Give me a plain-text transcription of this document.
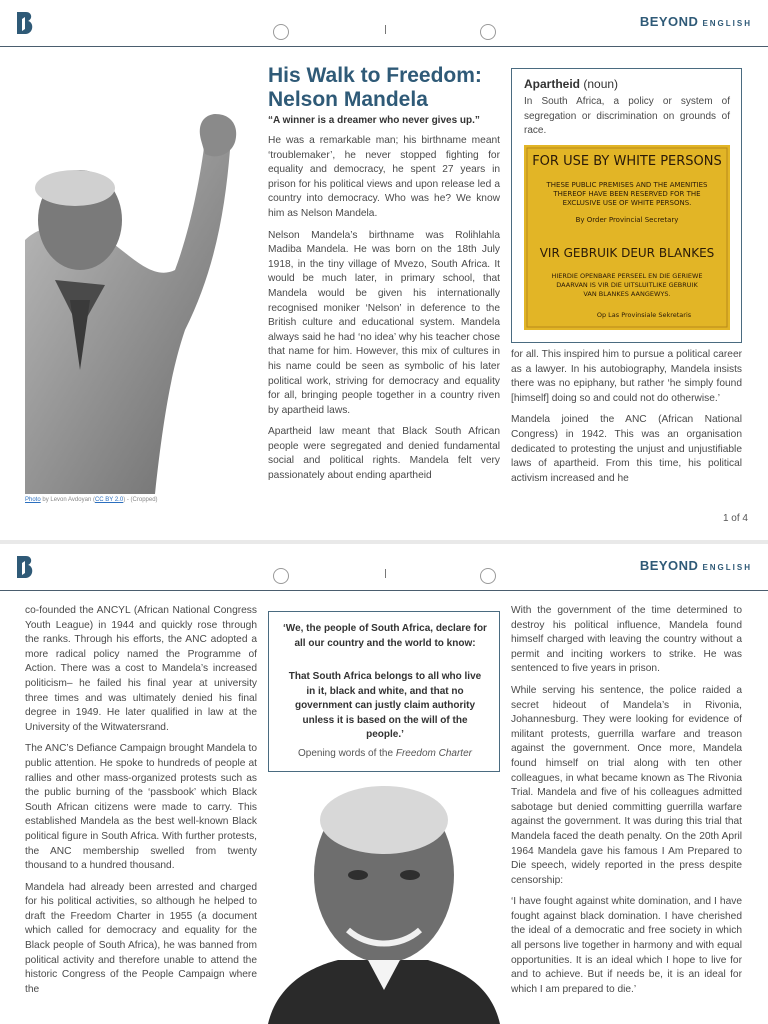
BEYOND ENGLISH
Photo by Levon Avdoyan (CC BY 2.0) - (Cropped)
His Walk to Freedom:
Nelson Mandela
“A winner is a dreamer who never gives up.”

He was a remarkable man; his birthname meant ‘troublemaker’, he never stopped fighting for equality and democracy, he spent 27 years in prison for his political views and upon release led a country into democracy. Who was he? We know him as Nelson Mandela.

Nelson Mandela’s birthname was Rolihlahla Madiba Mandela. He was born on the 18th July 1918, in the tiny village of Mvezo, South Africa. It would be much later, in primary school, that Mandela would be given his internationally recognised moniker ‘Nelson’ in deference to the British culture and educational system. Mandela always said he had ‘no idea’ why his teacher chose that name for him. However, this mix of cultures in his name could be seen as symbolic of his later political work, striving for democracy and equality for all, bringing people together in a country riven by apartheid laws.

Apartheid law meant that Black South African people were segregated and denied fundamental social and political rights. Mandela felt very passionately about ending apartheid

Apartheid (noun)
In South Africa, a policy or system of segregation or discrimination on grounds of race.
FOR USE BY WHITE PERSONS
THESE PUBLIC PREMISES AND THE AMENITIES
THEREOF HAVE BEEN RESERVED FOR THE
EXCLUSIVE USE OF WHITE PERSONS.
By Order Provincial Secretary
VIR GEBRUIK DEUR BLANKES
HIERDIE OPENBARE PERSEEL EN DIE GERIEWE
DAARVAN IS VIR DIE UITSLUITLIKE GEBRUIK
VAN BLANKES AANGEWYS.
Op Las Provinsiale Sekretaris

for all. This inspired him to pursue a political career as a lawyer. In his autobiography, Mandela insists there was no epiphany, but rather ‘he simply found [himself] doing so and could not do otherwise.’

Mandela joined the ANC (African National Congress) in 1942. This was an organisation dedicated to protesting the unjust and unjustifiable laws of apartheid. From this time, his political activism increased and he

1 of 4
BEYOND ENGLISH

co-founded the ANCYL (African National Congress Youth League) in 1944 and quickly rose through the ranks. Through his efforts, the ANC adopted a more radical policy named the Programme of Action. There was a cost to Mandela’s increased politicism– he failed his final year at university three times and was ultimately denied his final degree in 1949. He later qualified in law at the University of the Witwatersrand.

The ANC’s Defiance Campaign brought Mandela to public attention. He spoke to hundreds of people at rallies and other mass-organized protests such as the public burning of the ‘passbook’ which Black South African citizens were made to carry. This established Mandela as the best well-known Black political figure in South Africa. With further protests, the ANC membership swelled from twenty thousand to a hundred thousand.

Mandela had already been arrested and charged for his political activities, so although he helped to draft the Freedom Charter in 1955 (a document which called for democracy and equality for the Black people of South Africa), he was banned from political activity and therefore unable to attend the historic Congress of the People Campaign where the

‘We, the people of South Africa, declare for all our country and the world to know:
That South Africa belongs to all who live in it, black and white, and that no government can justly claim authority unless it is based on the will of the people.’
Opening words of the Freedom Charter

With the government of the time determined to destroy his political influence, Mandela found himself charged with leaving the country without a permit and inciting workers to strike. He was sentenced to five years in prison.

While serving his sentence, the police raided a secret hideout of Mandela’s in Rivonia, Johannesburg. They were looking for evidence of militant protests, guerrilla warfare and treason against the government. Once more, Mandela found himself on trial along with ten other colleagues, in what became known as The Rivonia Trial. Mandela and five of his colleagues admitted sabotage but denied committing guerrilla warfare against the government. It was during this trial that Mandela faced the death penalty. On the 20th April 1964 Mandela gave his famous I Am Prepared to Die speech, widely reported in the press despite censorship:

‘I have fought against white domination, and I have fought against black domination. I have cherished the ideal of a democratic and free society in which all persons live together in harmony and with equal opportunities. It is an ideal which I hope to live for and to achieve. But if needs be, it is an ideal for which I am prepared to die.’
